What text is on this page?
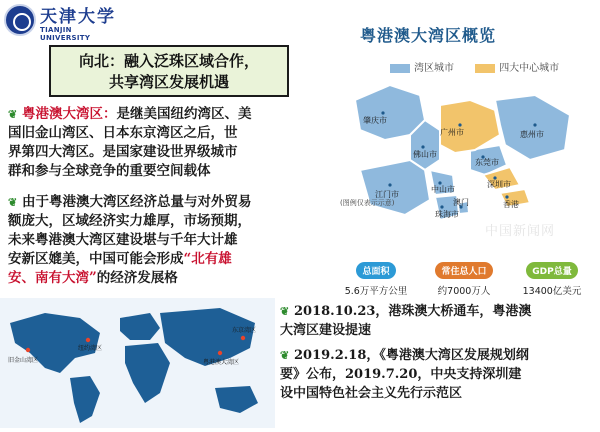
天津大学
TIANJIN UNIVERSITY
向北：融入泛珠区域合作，
共享湾区发展机遇
❦ 粤港澳大湾区：是继美国纽约湾区、美
国旧金山湾区、日本东京湾区之后，世
界第四大湾区。是国家建设世界级城市
群和参与全球竞争的重要空间载体
❦ 由于粤港澳大湾区经济总量与对外贸易
额庞大，区域经济实力雄厚，市场预期，
未来粤港澳大湾区建设堪与千年大计雄
安新区媲美，中国可能会形成“北有雄
安、南有大湾”的经济发展格
粤港澳大湾区概览
湾区城市	四大中心城市
肇庆市
广州市	惠州市
佛山市
东莞市
江门市
中山市
深圳市
澳门
珠海市
香港
(图例仅表示示意)
中国新闻网
总面积
5.6万平方公里
常住总人口
约7000万人
GDP总量
13400亿美元
旧金山湾区
纽约湾区
东京湾区
粤港澳大湾区
❦ 2018.10.23，港珠澳大桥通车，粤港澳
大湾区建设提速
❦ 2019.2.18，《粤港澳大湾区发展规划纲
要》公布，2019.7.20，中央支持深圳建
设中国特色社会主义先行示范区
